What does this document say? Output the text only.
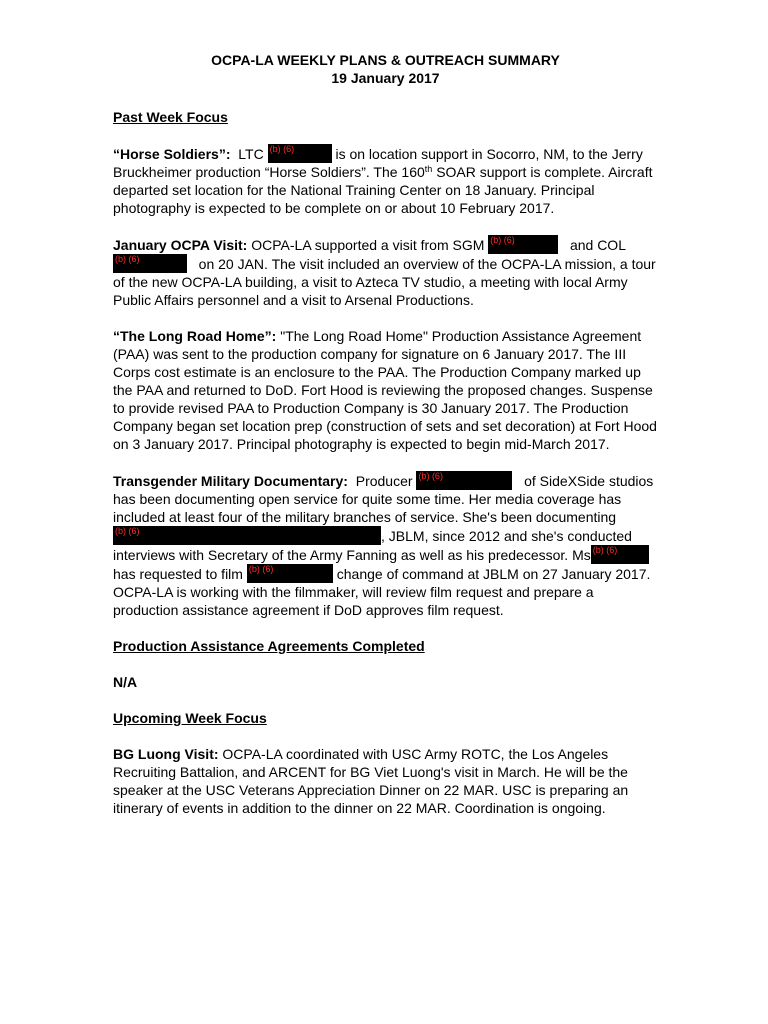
OCPA-LA WEEKLY PLANS & OUTREACH SUMMARY
19 January 2017

Past Week Focus

“Horse Soldiers”: LTC (b) (6)	is on location support in Socorro, NM, to the Jerry Bruckheimer production “Horse Soldiers”. The 160th SOAR support is complete. Aircraft departed set location for the National Training Center on 18 January. Principal photography is expected to be complete on or about 10 February 2017.

January OCPA Visit: OCPA-LA supported a visit from SGM (b) (6)	and COL
(b) (6)	on 20 JAN. The visit included an overview of the OCPA-LA mission, a tour of the new OCPA-LA building, a visit to Azteca TV studio, a meeting with local Army Public Affairs personnel and a visit to Arsenal Productions.

“The Long Road Home”: "The Long Road Home" Production Assistance Agreement (PAA) was sent to the production company for signature on 6 January 2017. The III Corps cost estimate is an enclosure to the PAA. The Production Company marked up the PAA and returned to DoD. Fort Hood is reviewing the proposed changes. Suspense to provide revised PAA to Production Company is 30 January 2017. The Production Company began set location prep (construction of sets and set decoration) at Fort Hood on 3 January 2017. Principal photography is expected to begin mid-March 2017.

Transgender Military Documentary: Producer (b) (6)	of SideXSide studios has been documenting open service for quite some time. Her media coverage has included at least four of the military branches of service. She's been documenting
(b) (6)	, JBLM, since 2012 and she's conducted interviews with Secretary of the Army Fanning as well as his predecessor. Ms (b) (6)
has requested to film (b) (6)	change of command at JBLM on 27 January 2017. OCPA-LA is working with the filmmaker, will review film request and prepare a production assistance agreement if DoD approves film request.

Production Assistance Agreements Completed

N/A

Upcoming Week Focus

BG Luong Visit: OCPA-LA coordinated with USC Army ROTC, the Los Angeles Recruiting Battalion, and ARCENT for BG Viet Luong's visit in March. He will be the speaker at the USC Veterans Appreciation Dinner on 22 MAR. USC is preparing an itinerary of events in addition to the dinner on 22 MAR. Coordination is ongoing.
